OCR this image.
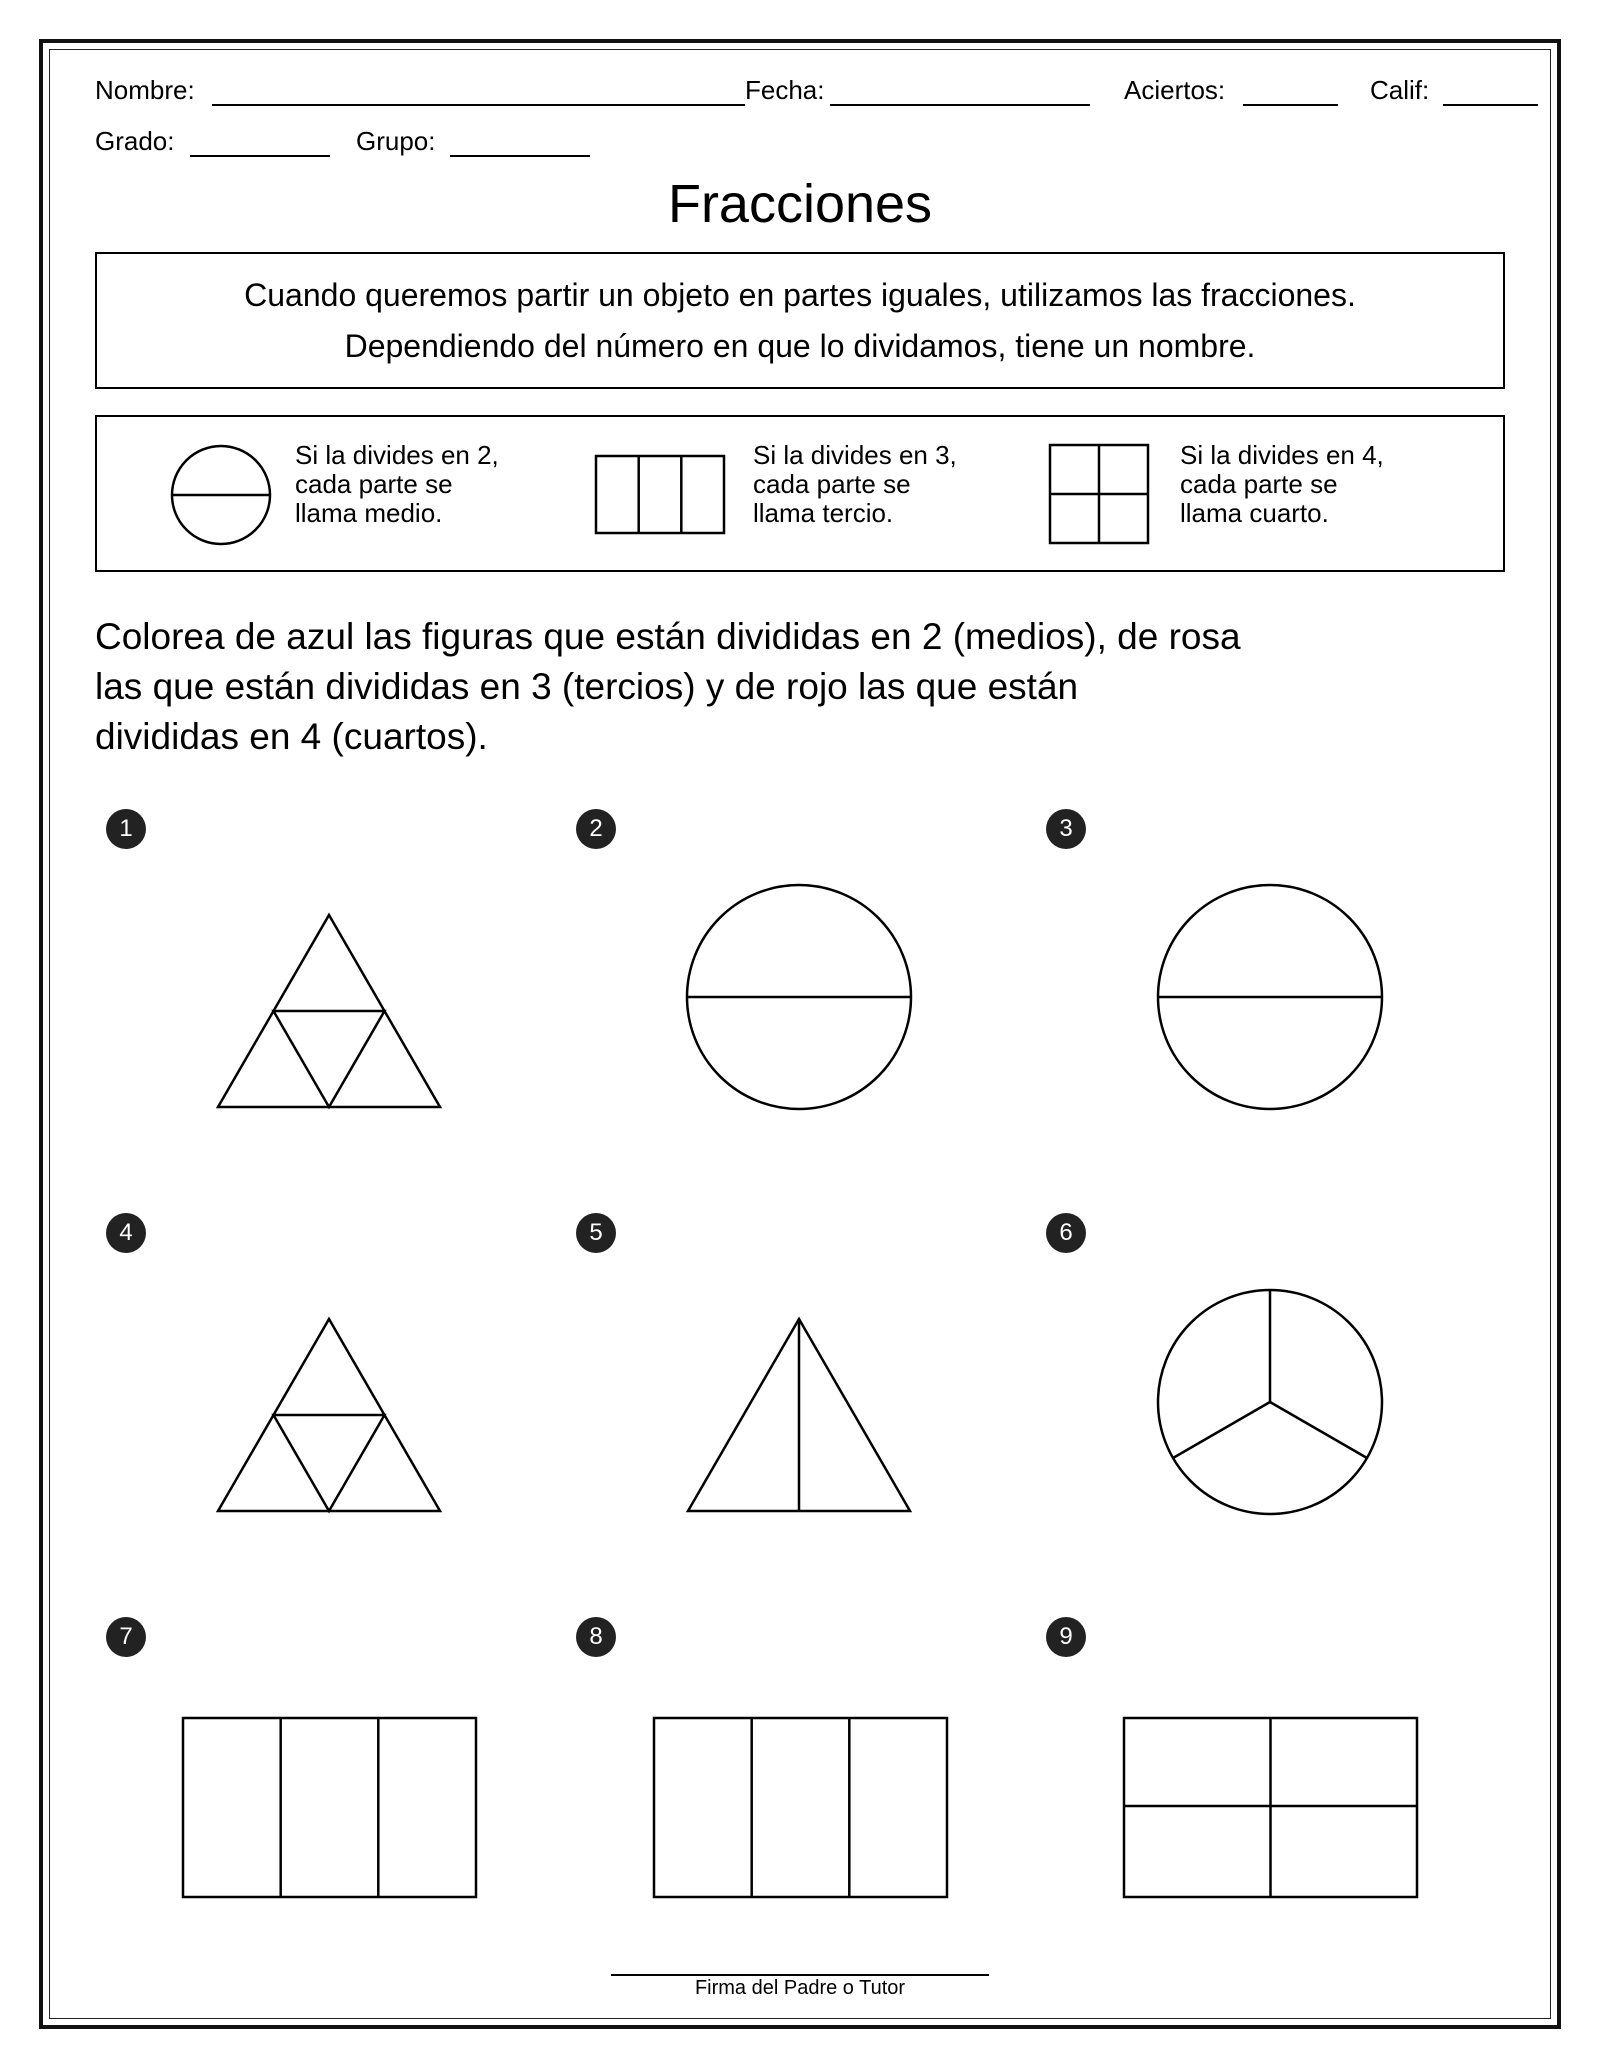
Nombre:	Fecha:	Aciertos:	Calif:
Grado:	Grupo:
Fracciones
Cuando queremos partir un objeto en partes iguales, utilizamos las fracciones.
Dependiendo del número en que lo dividamos, tiene un nombre.
Si la divides en 2,
cada parte se
llama medio.
Si la divides en 3,
cada parte se
llama tercio.
Si la divides en 4,
cada parte se
llama cuarto.
Colorea de azul las figuras que están divididas en 2 (medios), de rosa
las que están divididas en 3 (tercios) y de rojo las que están
divididas en 4 (cuartos).
1	2	3
4	5	6
7	8	9
Firma del Padre o Tutor
